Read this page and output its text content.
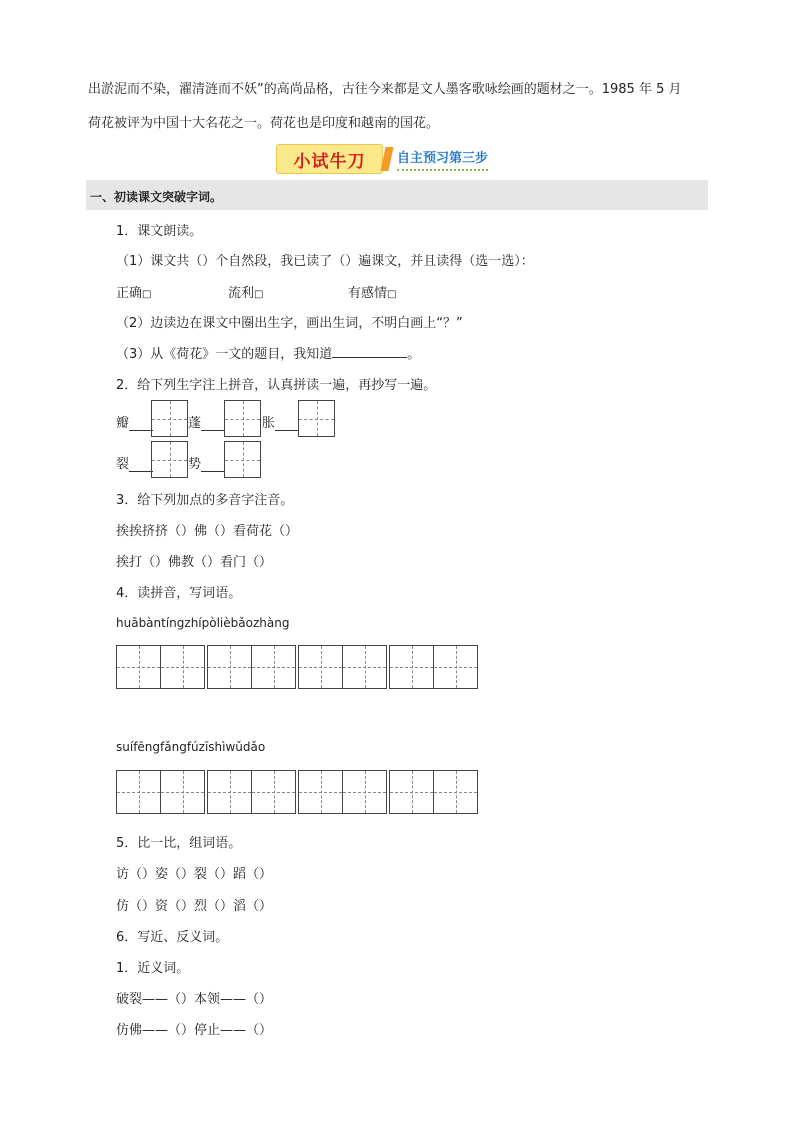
出淤泥而不染，濯清涟而不妖”的高尚品格，古往今来都是文人墨客歌咏绘画的题材之一。1985 年 5 月
荷花被评为中国十大名花之一。荷花也是印度和越南的国花。
小试牛刀	自主预习第三步
一、初读课文突破字词。
1．课文朗读。
（1）课文共（）个自然段，我已读了（）遍课文，并且读得（选一选）：
正确□	流利□	有感情□
（2）边读边在课文中圈出生字，画出生词，不明白画上“？”
（3）从《荷花》一文的题目，我知道	。
2．给下列生字注上拼音，认真拼读一遍，再抄写一遍。
瓣	蓬	胀
裂	势
3．给下列加点的多音字注音。
挨挨挤挤（）佛（）看荷花（）
挨打（）佛教（）看门（）
4．读拼音，写词语。
huābàntíngzhípòlièbǎozhàng
suífēngfǎngfúzīshìwǔdǎo
5．比一比，组词语。
访（）姿（）裂（）蹈（）
仿（）资（）烈（）滔（）
6．写近、反义词。
1．近义词。
破裂——（）本领——（）
仿佛——（）停止——（）
